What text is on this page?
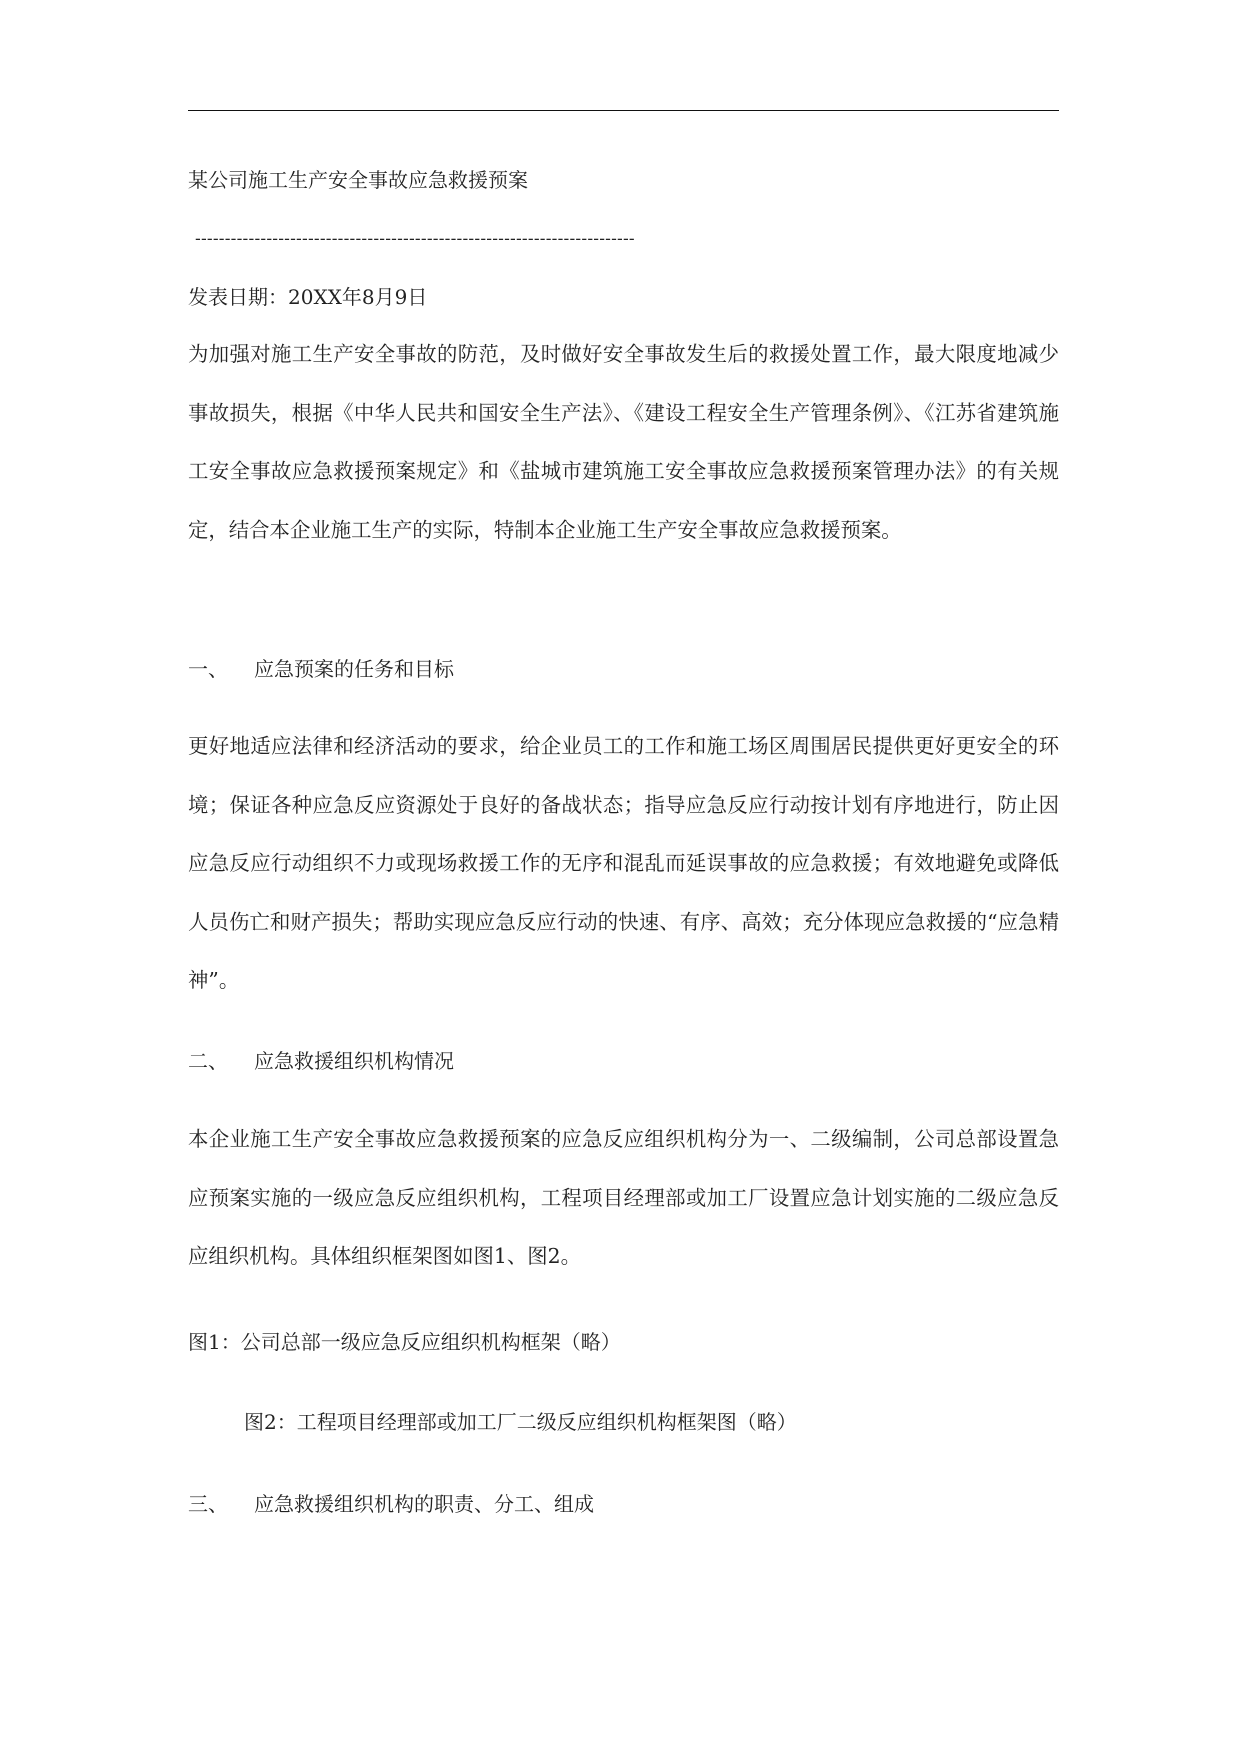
某公司施工生产安全事故应急救援预案

--------------------------------------------------------------------------

发表日期：20XX年8月9日

为加强对施工生产安全事故的防范，及时做好安全事故发生后的救援处置工作，最大限度地减少事故损失，根据《中华人民共和国安全生产法》、《建设工程安全生产管理条例》、《江苏省建筑施工安全事故应急救援预案规定》和《盐城市建筑施工安全事故应急救援预案管理办法》的有关规定，结合本企业施工生产的实际，特制本企业施工生产安全事故应急救援预案。

一、 应急预案的任务和目标

更好地适应法律和经济活动的要求，给企业员工的工作和施工场区周围居民提供更好更安全的环境；保证各种应急反应资源处于良好的备战状态；指导应急反应行动按计划有序地进行，防止因应急反应行动组织不力或现场救援工作的无序和混乱而延误事故的应急救援；有效地避免或降低人员伤亡和财产损失；帮助实现应急反应行动的快速、有序、高效；充分体现应急救援的“应急精神”。

二、 应急救援组织机构情况

本企业施工生产安全事故应急救援预案的应急反应组织机构分为一、二级编制，公司总部设置急应预案实施的一级应急反应组织机构，工程项目经理部或加工厂设置应急计划实施的二级应急反应组织机构。具体组织框架图如图1、图2。

图1：公司总部一级应急反应组织机构框架（略）

图2：工程项目经理部或加工厂二级反应组织机构框架图（略）

三、 应急救援组织机构的职责、分工、组成
